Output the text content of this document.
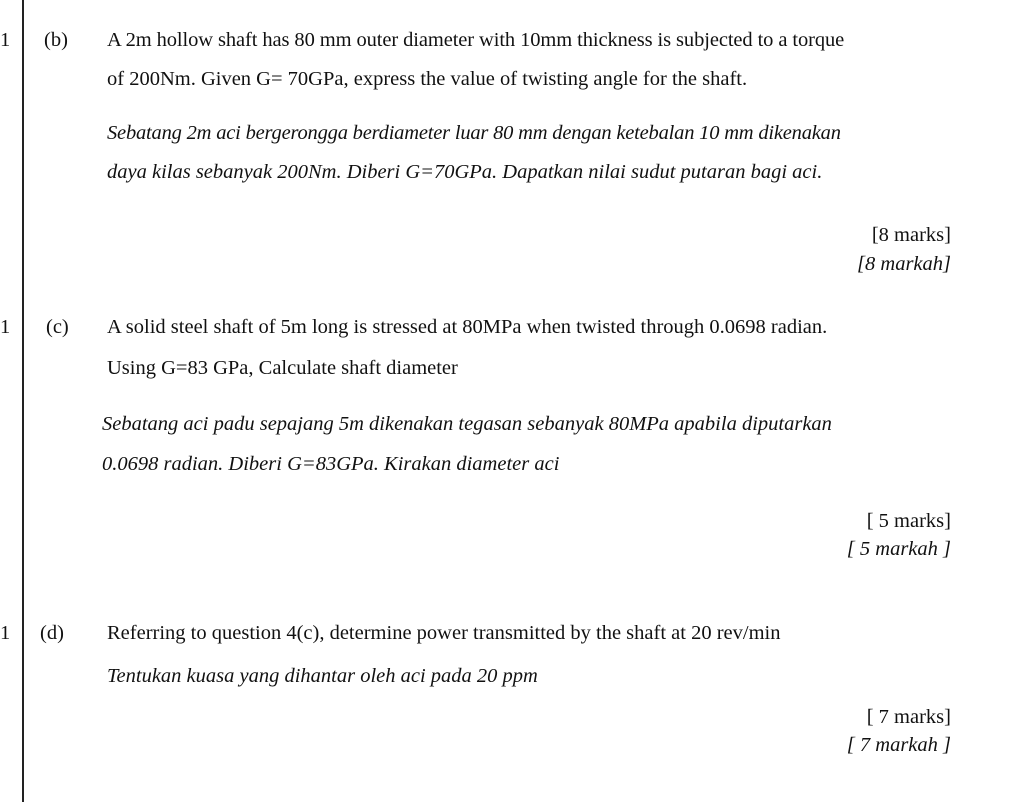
1 (b) A 2m hollow shaft has 80 mm outer diameter with 10mm thickness is subjected to a torque
of 200Nm. Given G= 70GPa, express the value of twisting angle for the shaft.
Sebatang 2m aci bergerongga berdiameter luar 80 mm dengan ketebalan 10 mm dikenakan
daya kilas sebanyak 200Nm. Diberi G=70GPa. Dapatkan nilai sudut putaran bagi aci.
[8 marks]
[8 markah]
1 (c) A solid steel shaft of 5m long is stressed at 80MPa when twisted through 0.0698 radian.
Using G=83 GPa, Calculate shaft diameter
Sebatang aci padu sepajang 5m dikenakan tegasan sebanyak 80MPa apabila diputarkan
0.0698 radian. Diberi G=83GPa. Kirakan diameter aci
[ 5 marks]
[ 5 markah ]
1 (d) Referring to question 4(c), determine power transmitted by the shaft at 20 rev/min
Tentukan kuasa yang dihantar oleh aci pada 20 ppm
[ 7 marks]
[ 7 markah ]
